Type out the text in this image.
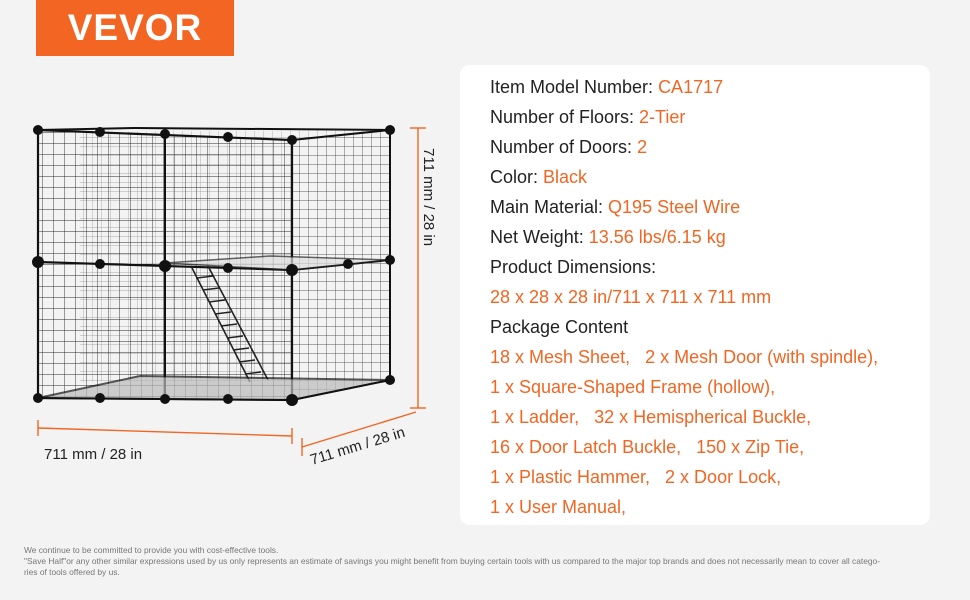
VEVOR
711 mm / 28 in
711 mm / 28 in	711 mm / 28 in
Item Model Number: CA1717
Number of Floors: 2-Tier
Number of Doors: 2
Color: Black
Main Material: Q195 Steel Wire
Net Weight: 13.56 lbs/6.15 kg
Product Dimensions:
28 x 28 x 28 in/711 x 711 x 711 mm
Package Content
18 x Mesh Sheet,   2 x Mesh Door (with spindle),
1 x Square-Shaped Frame (hollow),
1 x Ladder,   32 x Hemispherical Buckle,
16 x Door Latch Buckle,   150 x Zip Tie,
1 x Plastic Hammer,   2 x Door Lock,
1 x User Manual,
We continue to be committed to provide you with cost-effective tools.
"Save Half"or any other similar expressions used by us only represents an estimate of savings you might benefit from buying certain tools with us compared to the major top brands and does not necessarily mean to cover all catego-
ries of tools offered by us.
